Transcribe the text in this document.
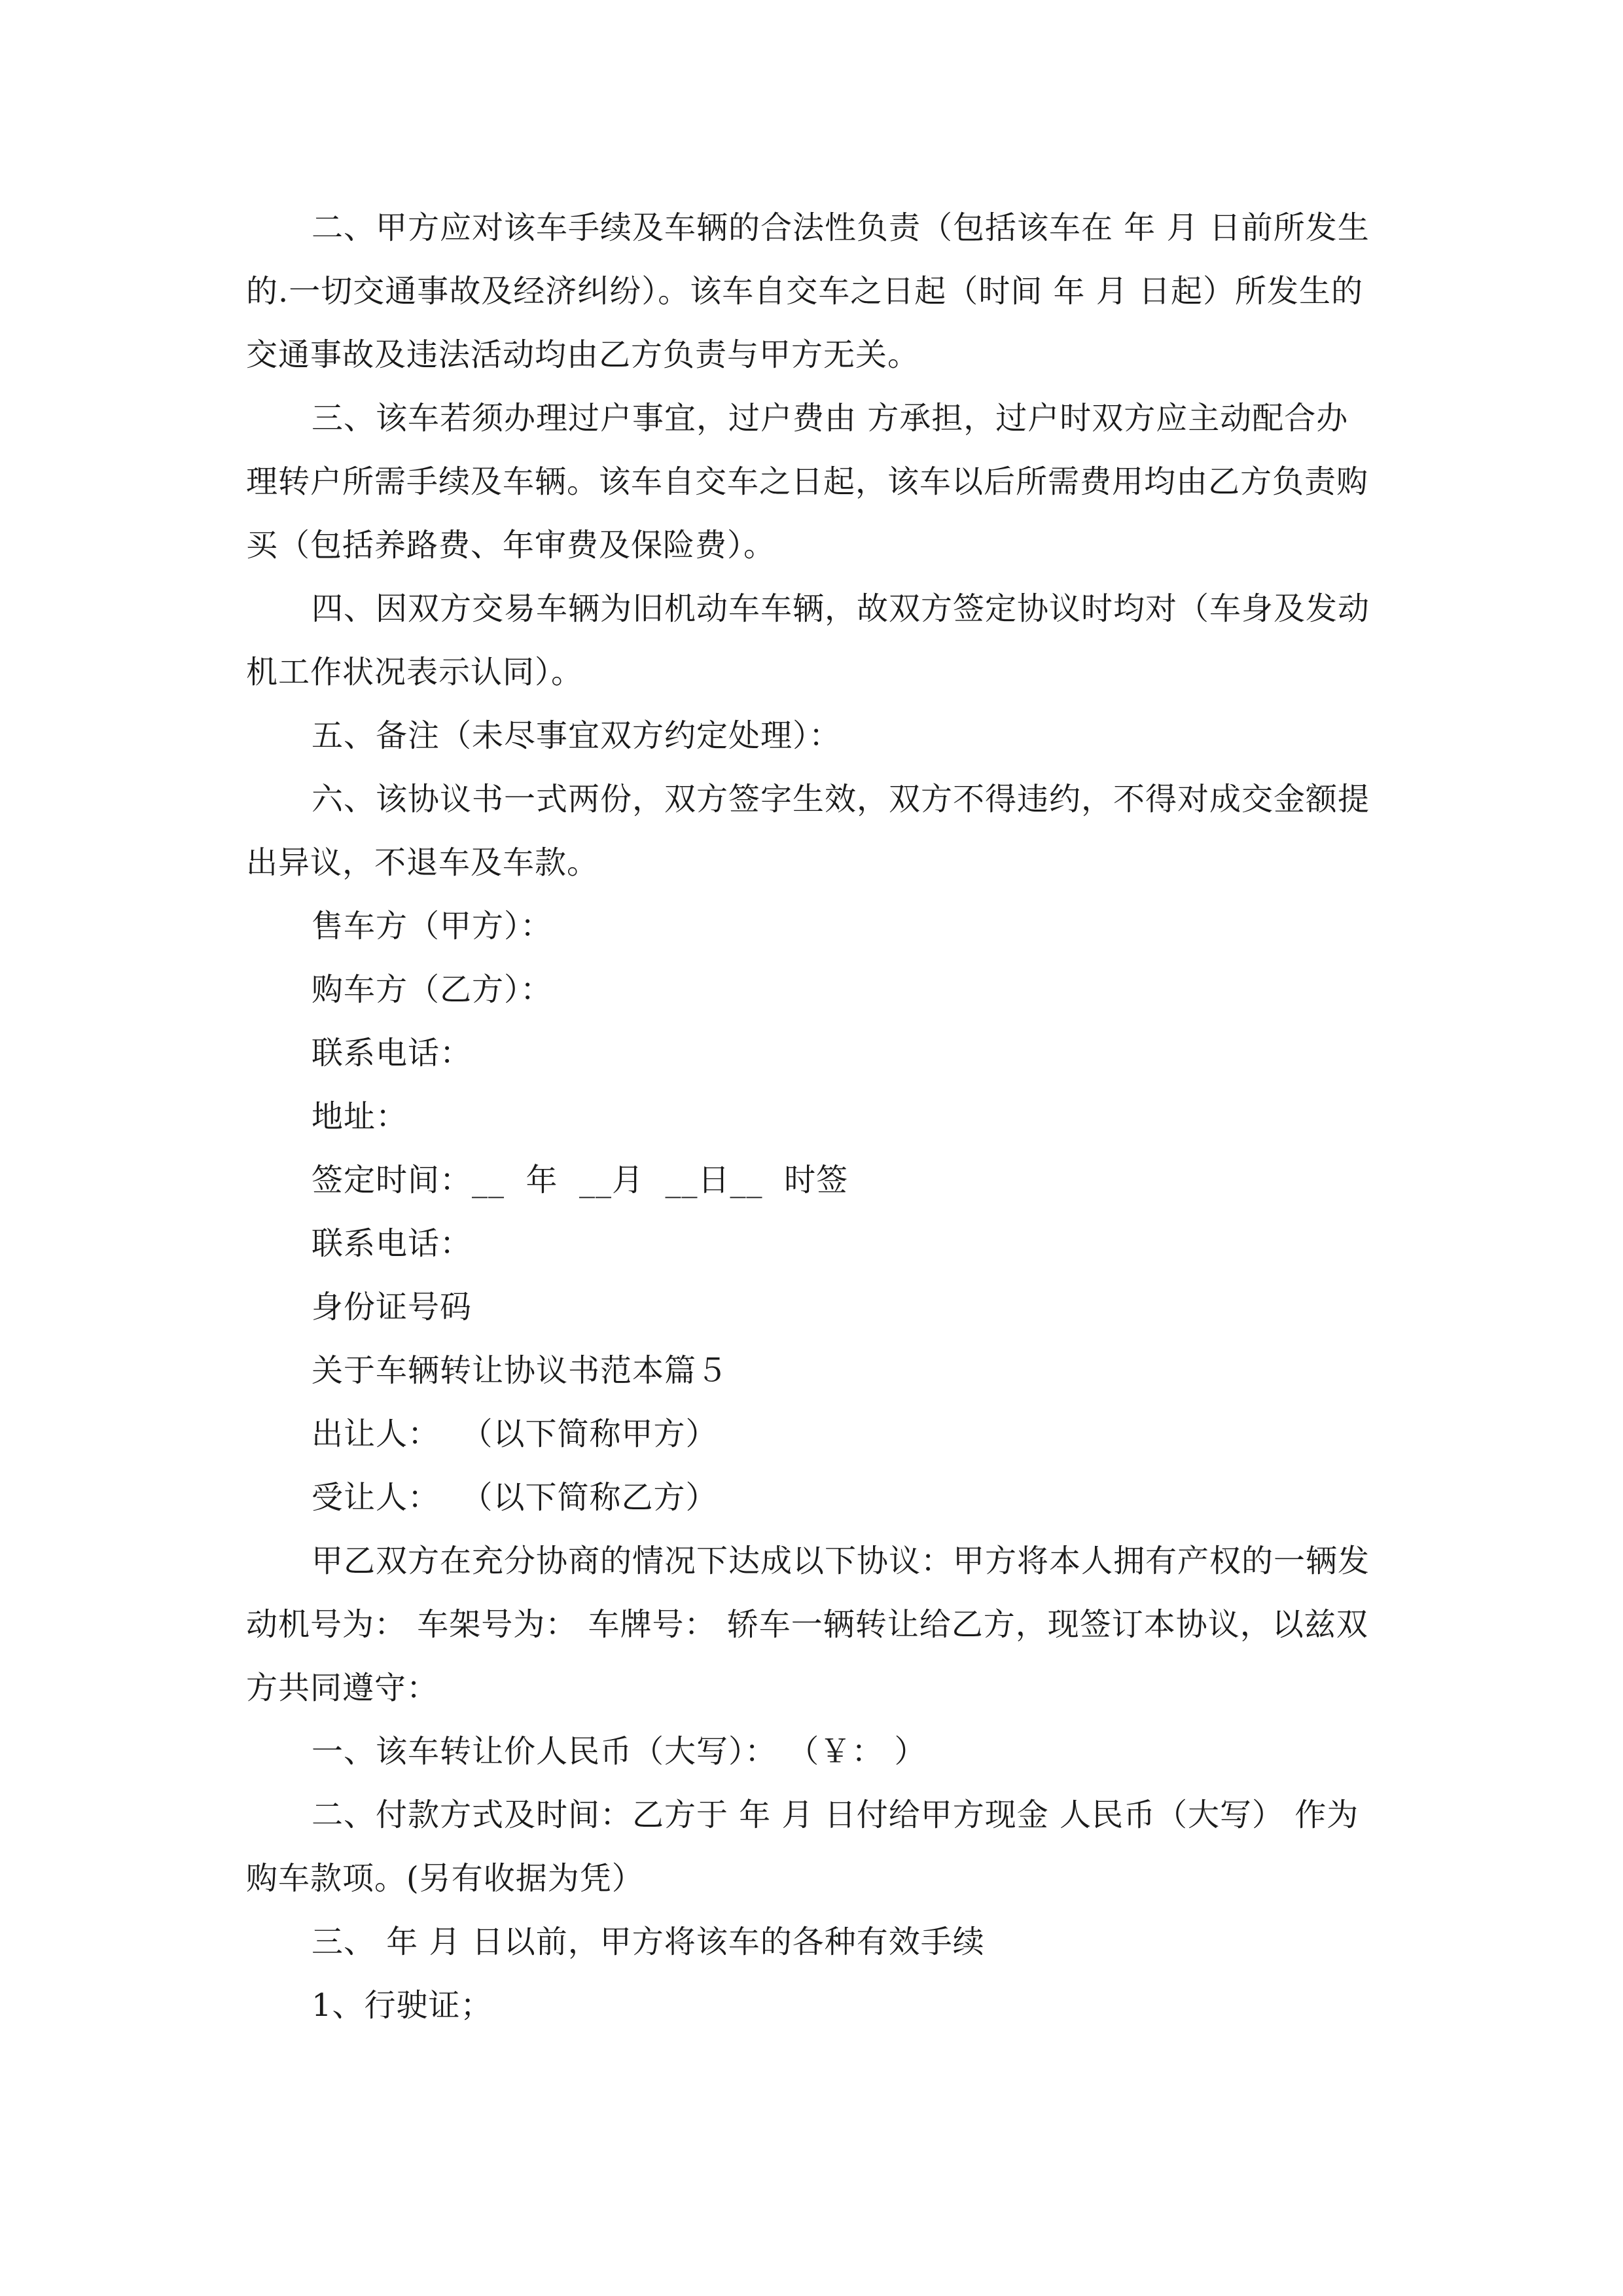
二、甲方应对该车手续及车辆的合法性负责（包括该车在 年 月 日前所发生的.一切交通事故及经济纠纷）。该车自交车之日起（时间 年 月 日起）所发生的交通事故及违法活动均由乙方负责与甲方无关。

三、该车若须办理过户事宜，过户费由 方承担，过户时双方应主动配合办理转户所需手续及车辆。该车自交车之日起，该车以后所需费用均由乙方负责购买（包括养路费、年审费及保险费）。

四、因双方交易车辆为旧机动车车辆，故双方签定协议时均对（车身及发动机工作状况表示认同）。

五、备注（未尽事宜双方约定处理）：

六、该协议书一式两份，双方签字生效，双方不得违约，不得对成交金额提出异议，不退车及车款。

售车方（甲方）：

购车方（乙方）：

联系电话：

地址：

签定时间：__  年  __月  __日__  时签

联系电话：

身份证号码

关于车辆转让协议书范本篇５

出让人：  （以下简称甲方）

受让人：  （以下简称乙方）

甲乙双方在充分协商的情况下达成以下协议：甲方将本人拥有产权的一辆发动机号为： 车架号为： 车牌号： 轿车一辆转让给乙方，现签订本协议，以兹双方共同遵守：

一、该车转让价人民币（大写）： （￥： ）

二、付款方式及时间：乙方于 年 月 日付给甲方现金 人民币（大写） 作为购车款项。(另有收据为凭）

三、 年 月 日以前，甲方将该车的各种有效手续

1、行驶证；
